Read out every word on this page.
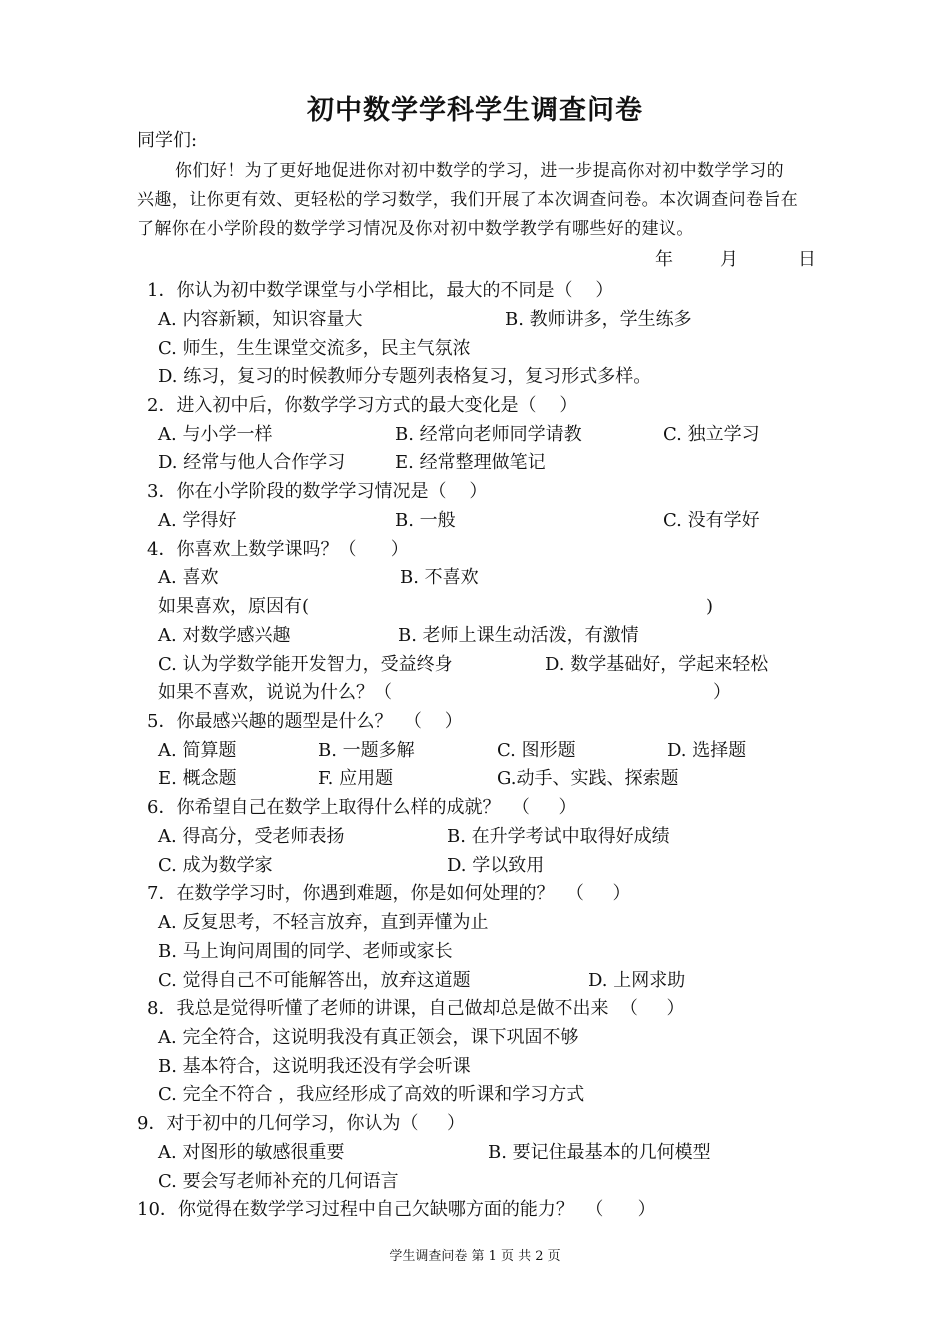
初中数学学科学生调查问卷
同学们:
你们好！为了更好地促进你对初中数学的学习，进一步提高你对初中数学学习的
兴趣，让你更有效、更轻松的学习数学，我们开展了本次调查问卷。本次调查问卷旨在
了解你在小学阶段的数学学习情况及你对初中数学教学有哪些好的建议。
年	月	日
1．你认为初中数学课堂与小学相比，最大的不同是（    ）
A. 内容新颖，知识容量大	B. 教师讲多，学生练多
C. 师生，生生课堂交流多，民主气氛浓
D. 练习，复习的时候教师分专题列表格复习，复习形式多样。
2．进入初中后，你数学学习方式的最大变化是（    ）
A. 与小学一样	B. 经常向老师同学请教	C. 独立学习
D. 经常与他人合作学习	E. 经常整理做笔记
3．你在小学阶段的数学学习情况是（    ）
A. 学得好	B. 一般	C. 没有学好
4．你喜欢上数学课吗？（      ）
A. 喜欢	B. 不喜欢
如果喜欢，原因有(	)
A. 对数学感兴趣	B. 老师上课生动活泼，有激情
C. 认为学数学能开发智力，受益终身	D. 数学基础好，学起来轻松
如果不喜欢，说说为什么？（	）
5．你最感兴趣的题型是什么？  （    ）
A. 简算题	B. 一题多解	C. 图形题	D. 选择题
E. 概念题	F. 应用题	G.动手、实践、探索题
6．你希望自己在数学上取得什么样的成就？  （     ）
A. 得高分，受老师表扬	B. 在升学考试中取得好成绩
C. 成为数学家	D. 学以致用
7．在数学学习时，你遇到难题，你是如何处理的？  （     ）
A. 反复思考，不轻言放弃，直到弄懂为止
B. 马上询问周围的同学、老师或家长
C. 觉得自己不可能解答出，放弃这道题	D. 上网求助
8．我总是觉得听懂了老师的讲课，自己做却总是做不出来  （     ）
A. 完全符合，这说明我没有真正领会，课下巩固不够
B. 基本符合，这说明我还没有学会听课
C. 完全不符合 ，我应经形成了高效的听课和学习方式
9．对于初中的几何学习，你认为（     ）
A. 对图形的敏感很重要	B. 要记住最基本的几何模型
C. 要会写老师补充的几何语言
10．你觉得在数学学习过程中自己欠缺哪方面的能力？  （      ）
学生调查问卷 第 1 页 共 2 页
